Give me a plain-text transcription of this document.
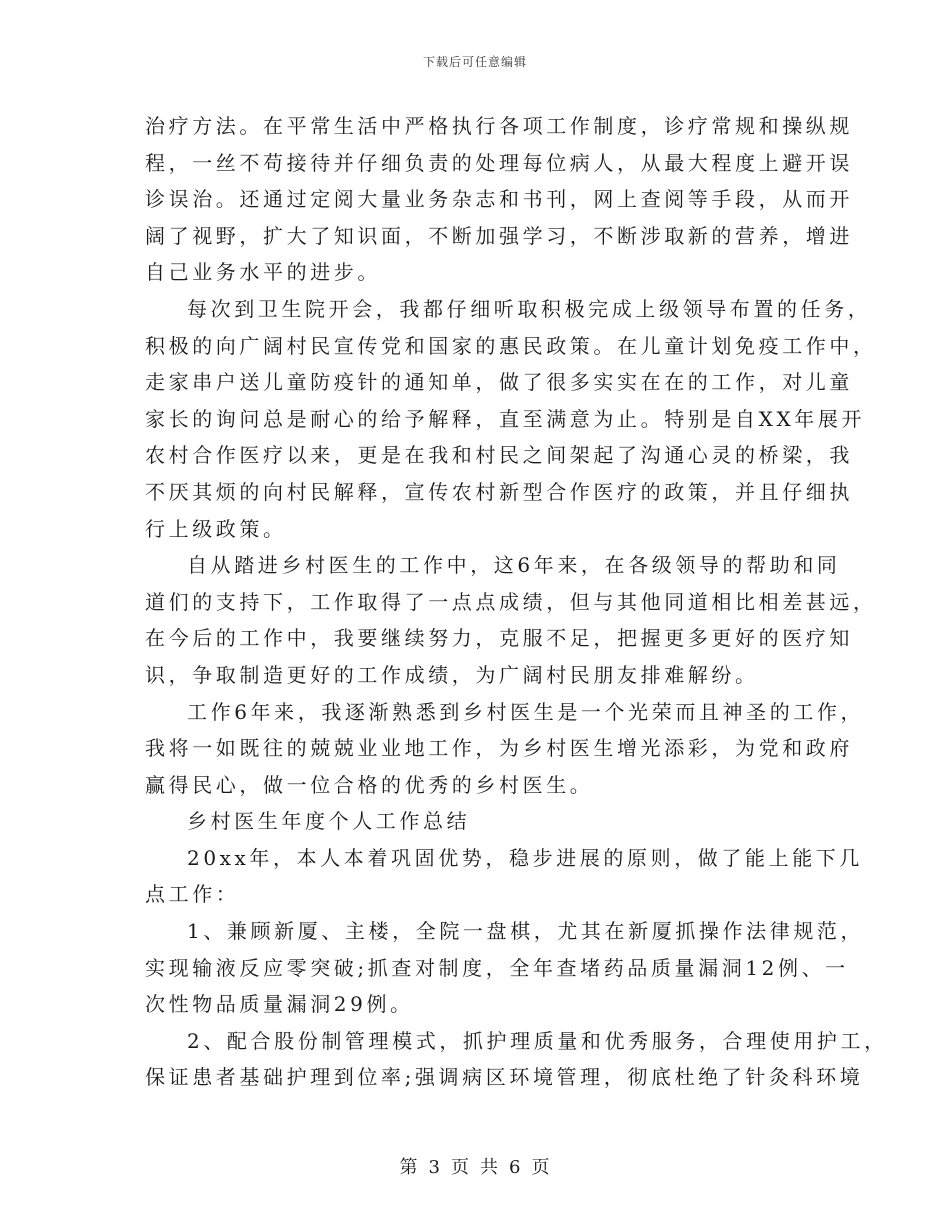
下载后可任意编辑
治疗方法。在平常生活中严格执行各项工作制度，诊疗常规和操纵规
程，一丝不苟接待并仔细负责的处理每位病人，从最大程度上避开误
诊误治。还通过定阅大量业务杂志和书刊，网上查阅等手段，从而开
阔了视野，扩大了知识面，不断加强学习，不断涉取新的营养，增进
自己业务水平的进步。
每次到卫生院开会，我都仔细听取积极完成上级领导布置的任务，
积极的向广阔村民宣传党和国家的惠民政策。在儿童计划免疫工作中，
走家串户送儿童防疫针的通知单，做了很多实实在在的工作，对儿童
家长的询问总是耐心的给予解释，直至满意为止。特别是自XX年展开
农村合作医疗以来，更是在我和村民之间架起了沟通心灵的桥梁，我
不厌其烦的向村民解释，宣传农村新型合作医疗的政策，并且仔细执
行上级政策。
自从踏进乡村医生的工作中，这6年来，在各级领导的帮助和同
道们的支持下，工作取得了一点点成绩，但与其他同道相比相差甚远，
在今后的工作中，我要继续努力，克服不足，把握更多更好的医疗知
识，争取制造更好的工作成绩，为广阔村民朋友排难解纷。
工作6年来，我逐渐熟悉到乡村医生是一个光荣而且神圣的工作，
我将一如既往的兢兢业业地工作，为乡村医生增光添彩，为党和政府
赢得民心，做一位合格的优秀的乡村医生。
乡村医生年度个人工作总结
20xx年，本人本着巩固优势，稳步进展的原则，做了能上能下几
点工作：
1、兼顾新厦、主楼，全院一盘棋，尤其在新厦抓操作法律规范，
实现输液反应零突破;抓查对制度，全年查堵药品质量漏洞12例、一
次性物品质量漏洞29例。
2、配合股份制管理模式，抓护理质量和优秀服务，合理使用护工，
保证患者基础护理到位率;强调病区环境管理，彻底杜绝了针灸科环境
第 3 页 共 6 页
